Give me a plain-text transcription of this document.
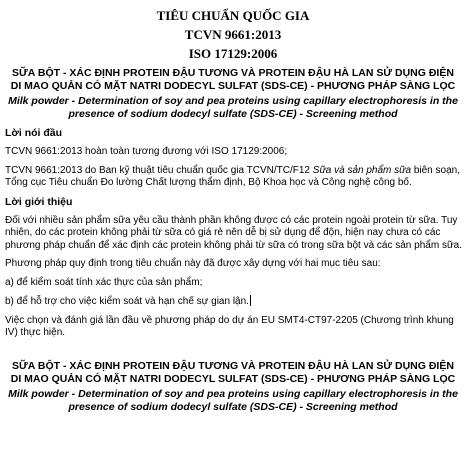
TIÊU CHUẨN QUỐC GIA
TCVN 9661:2013
ISO 17129:2006
SỮA BỘT - XÁC ĐỊNH PROTEIN ĐẬU TƯƠNG VÀ PROTEIN ĐẬU HÀ LAN SỬ DỤNG ĐIỆN DI MAO QUẢN CÓ MẶT NATRI DODECYL SULFAT (SDS-CE) - PHƯƠNG PHÁP SÀNG LỌC
Milk powder - Determination of soy and pea proteins using capillary electrophoresis in the presence of sodium dodecyl sulfate (SDS-CE) - Screening method
Lời nói đầu
TCVN 9661:2013 hoàn toàn tương đương với ISO 17129:2006;
TCVN 9661:2013 do Ban kỹ thuật tiêu chuẩn quốc gia TCVN/TC/F12 Sữa và sản phẩm sữa biên soạn, Tổng cục Tiêu chuẩn Đo lường Chất lượng thẩm định, Bộ Khoa học và Công nghệ công bố.
Lời giới thiệu
Đối với nhiều sản phẩm sữa yêu cầu thành phần không được có các protein ngoài protein từ sữa. Tuy nhiên, do các protein không phải từ sữa có giá rẻ nên dễ bị sử dụng để độn, hiện nay chưa có các phương pháp chuẩn để xác định các protein không phải từ sữa có trong sữa bột và các sản phẩm sữa.
Phương pháp quy định trong tiêu chuẩn này đã được xây dựng với hai mục tiêu sau:
a) để kiểm soát tính xác thực của sản phẩm;
b) để hỗ trợ cho việc kiểm soát và hạn chế sự gian lận.
Việc chọn và đánh giá lần đầu về phương pháp do dự án EU SMT4-CT97-2205 (Chương trình khung IV) thực hiện.
SỮA BỘT - XÁC ĐỊNH PROTEIN ĐẬU TƯƠNG VÀ PROTEIN ĐẬU HÀ LAN SỬ DỤNG ĐIỆN DI MAO QUẢN CÓ MẶT NATRI DODECYL SULFAT (SDS-CE) - PHƯƠNG PHÁP SÀNG LỌC
Milk powder - Determination of soy and pea proteins using capillary electrophoresis in the presence of sodium dodecyl sulfate (SDS-CE) - Screening method
